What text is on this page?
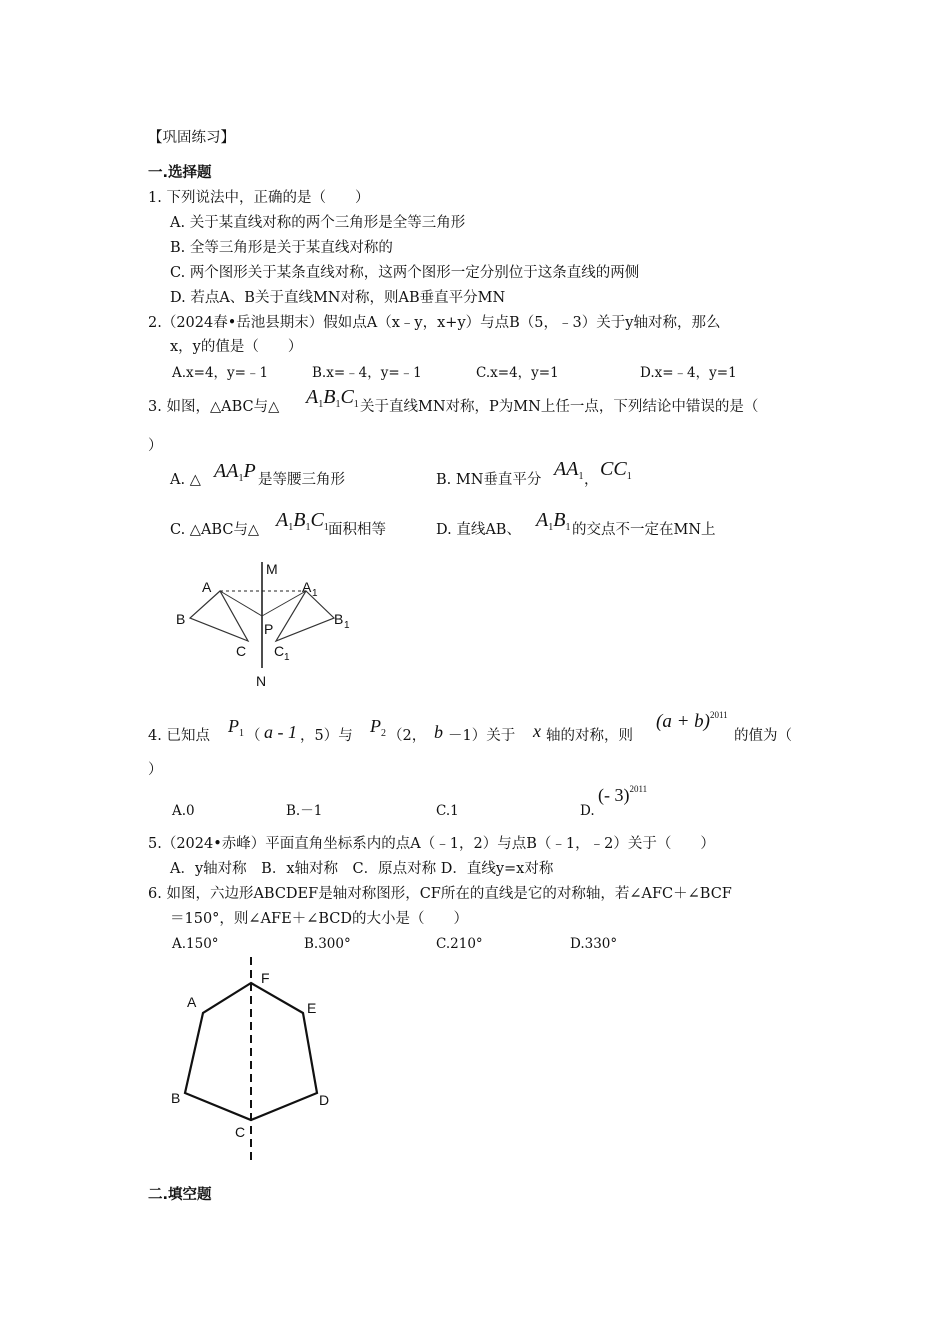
【巩固练习】
一.选择题
1. 下列说法中，正确的是（　　）
A. 关于某直线对称的两个三角形是全等三角形
B. 全等三角形是关于某直线对称的
C. 两个图形关于某条直线对称，这两个图形一定分别位于这条直线的两侧
D. 若点A、B关于直线MN对称，则AB垂直平分MN
2.（2024春•岳池县期末）假如点A（x﹣y，x+y）与点B（5，﹣3）关于y轴对称，那么
x，y的值是（　　）
A.x=4，y=﹣1	B.x=﹣4，y=﹣1	C.x=4，y=1	D.x=﹣4，y=1
3. 如图，△ABC与△ $A_1B_1C_1$ 关于直线MN对称，P为MN上任一点，下列结论中错误的是（
）
A. △ $AA_1P$ 是等腰三角形	B. MN垂直平分 $AA_1$ ， $CC_1$
C. △ABC与△ $A_1B_1C_1$ 面积相等	D. 直线AB、 $A_1B_1$ 的交点不一定在MN上
M
N
A	A 1
B	B 1
C C 1
P
4. 已知点 $P_1$ （ a - 1 ，5）与 $P_2$ （2， b －1）关于 x 轴的对称，则
$(a + b)^{2011}$
的值为（
）
A.0	B.－1	C.1	D.
(- 3)$^{2011}$
5.（2024•赤峰）平面直角坐标系内的点A（﹣1，2）与点B（﹣1，﹣2）关于（　　）
A．y轴对称　B．x轴对称　C．原点对称 D．直线y=x对称
6. 如图，六边形ABCDEF是轴对称图形，CF所在的直线是它的对称轴，若∠AFC＋∠BCF
＝150°，则∠AFE＋∠BCD的大小是（　　）
A.150°	B.300°	C.210°	D.330°
F
A	E
B	D
C
二.填空题
